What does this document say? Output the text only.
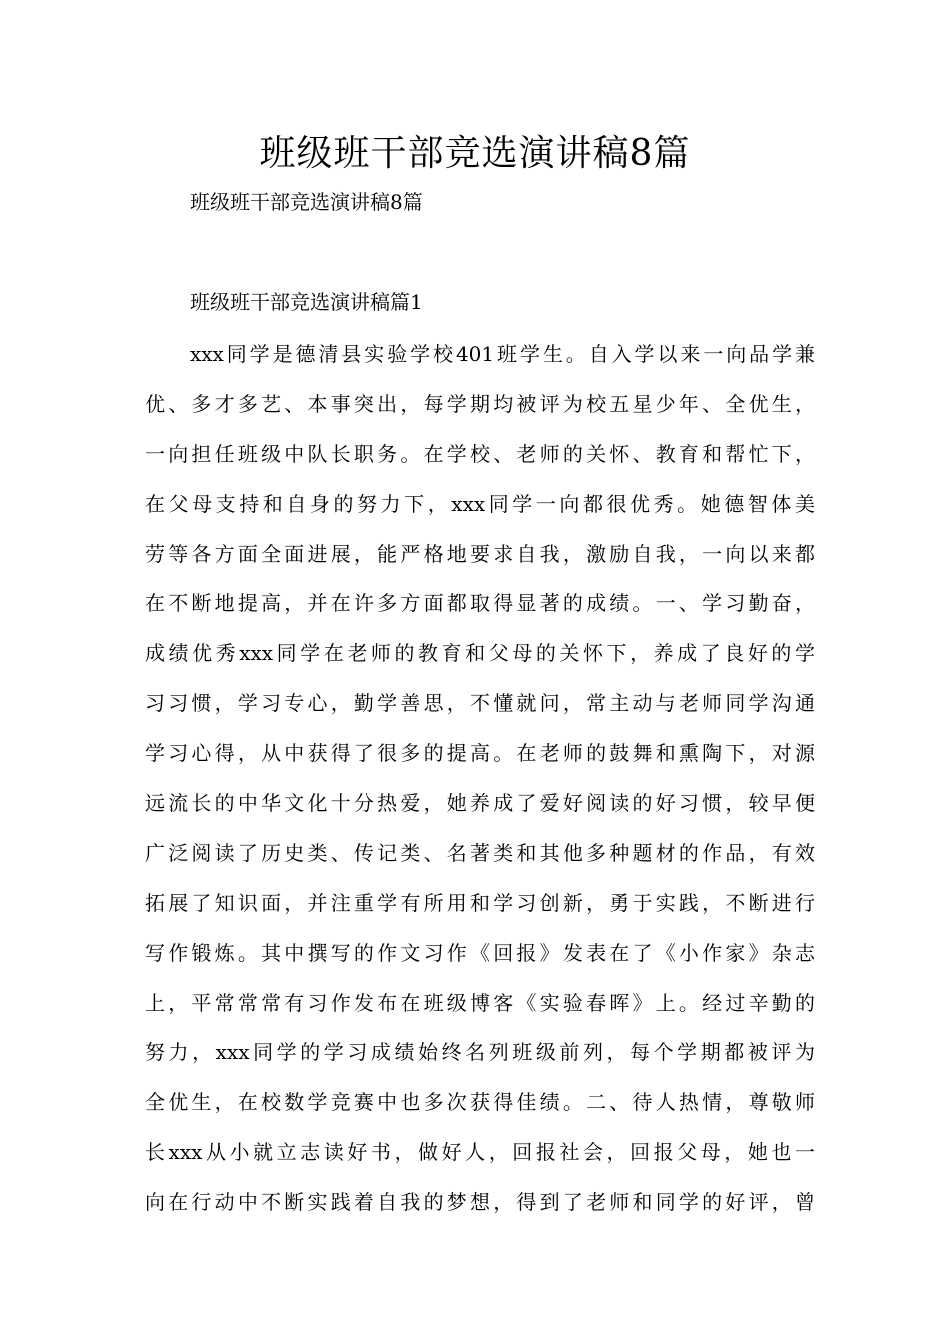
班级班干部竞选演讲稿8篇

班级班干部竞选演讲稿8篇

班级班干部竞选演讲稿篇1

xxx同学是德清县实验学校401班学生。自入学以来一向品学兼
优、多才多艺、本事突出，每学期均被评为校五星少年、全优生，
一向担任班级中队长职务。在学校、老师的关怀、教育和帮忙下，
在父母支持和自身的努力下，xxx同学一向都很优秀。她德智体美
劳等各方面全面进展，能严格地要求自我，激励自我，一向以来都
在不断地提高，并在许多方面都取得显著的成绩。一、学习勤奋，
成绩优秀xxx同学在老师的教育和父母的关怀下，养成了良好的学
习习惯，学习专心，勤学善思，不懂就问，常主动与老师同学沟通
学习心得，从中获得了很多的提高。在老师的鼓舞和熏陶下，对源
远流长的中华文化十分热爱，她养成了爱好阅读的好习惯，较早便
广泛阅读了历史类、传记类、名著类和其他多种题材的作品，有效
拓展了知识面，并注重学有所用和学习创新，勇于实践，不断进行
写作锻炼。其中撰写的作文习作《回报》发表在了《小作家》杂志
上，平常常常有习作发布在班级博客《实验春晖》上。经过辛勤的
努力，xxx同学的学习成绩始终名列班级前列，每个学期都被评为
全优生，在校数学竞赛中也多次获得佳绩。二、待人热情，尊敬师
长xxx从小就立志读好书，做好人，回报社会，回报父母，她也一
向在行动中不断实践着自我的梦想，得到了老师和同学的好评，曾
